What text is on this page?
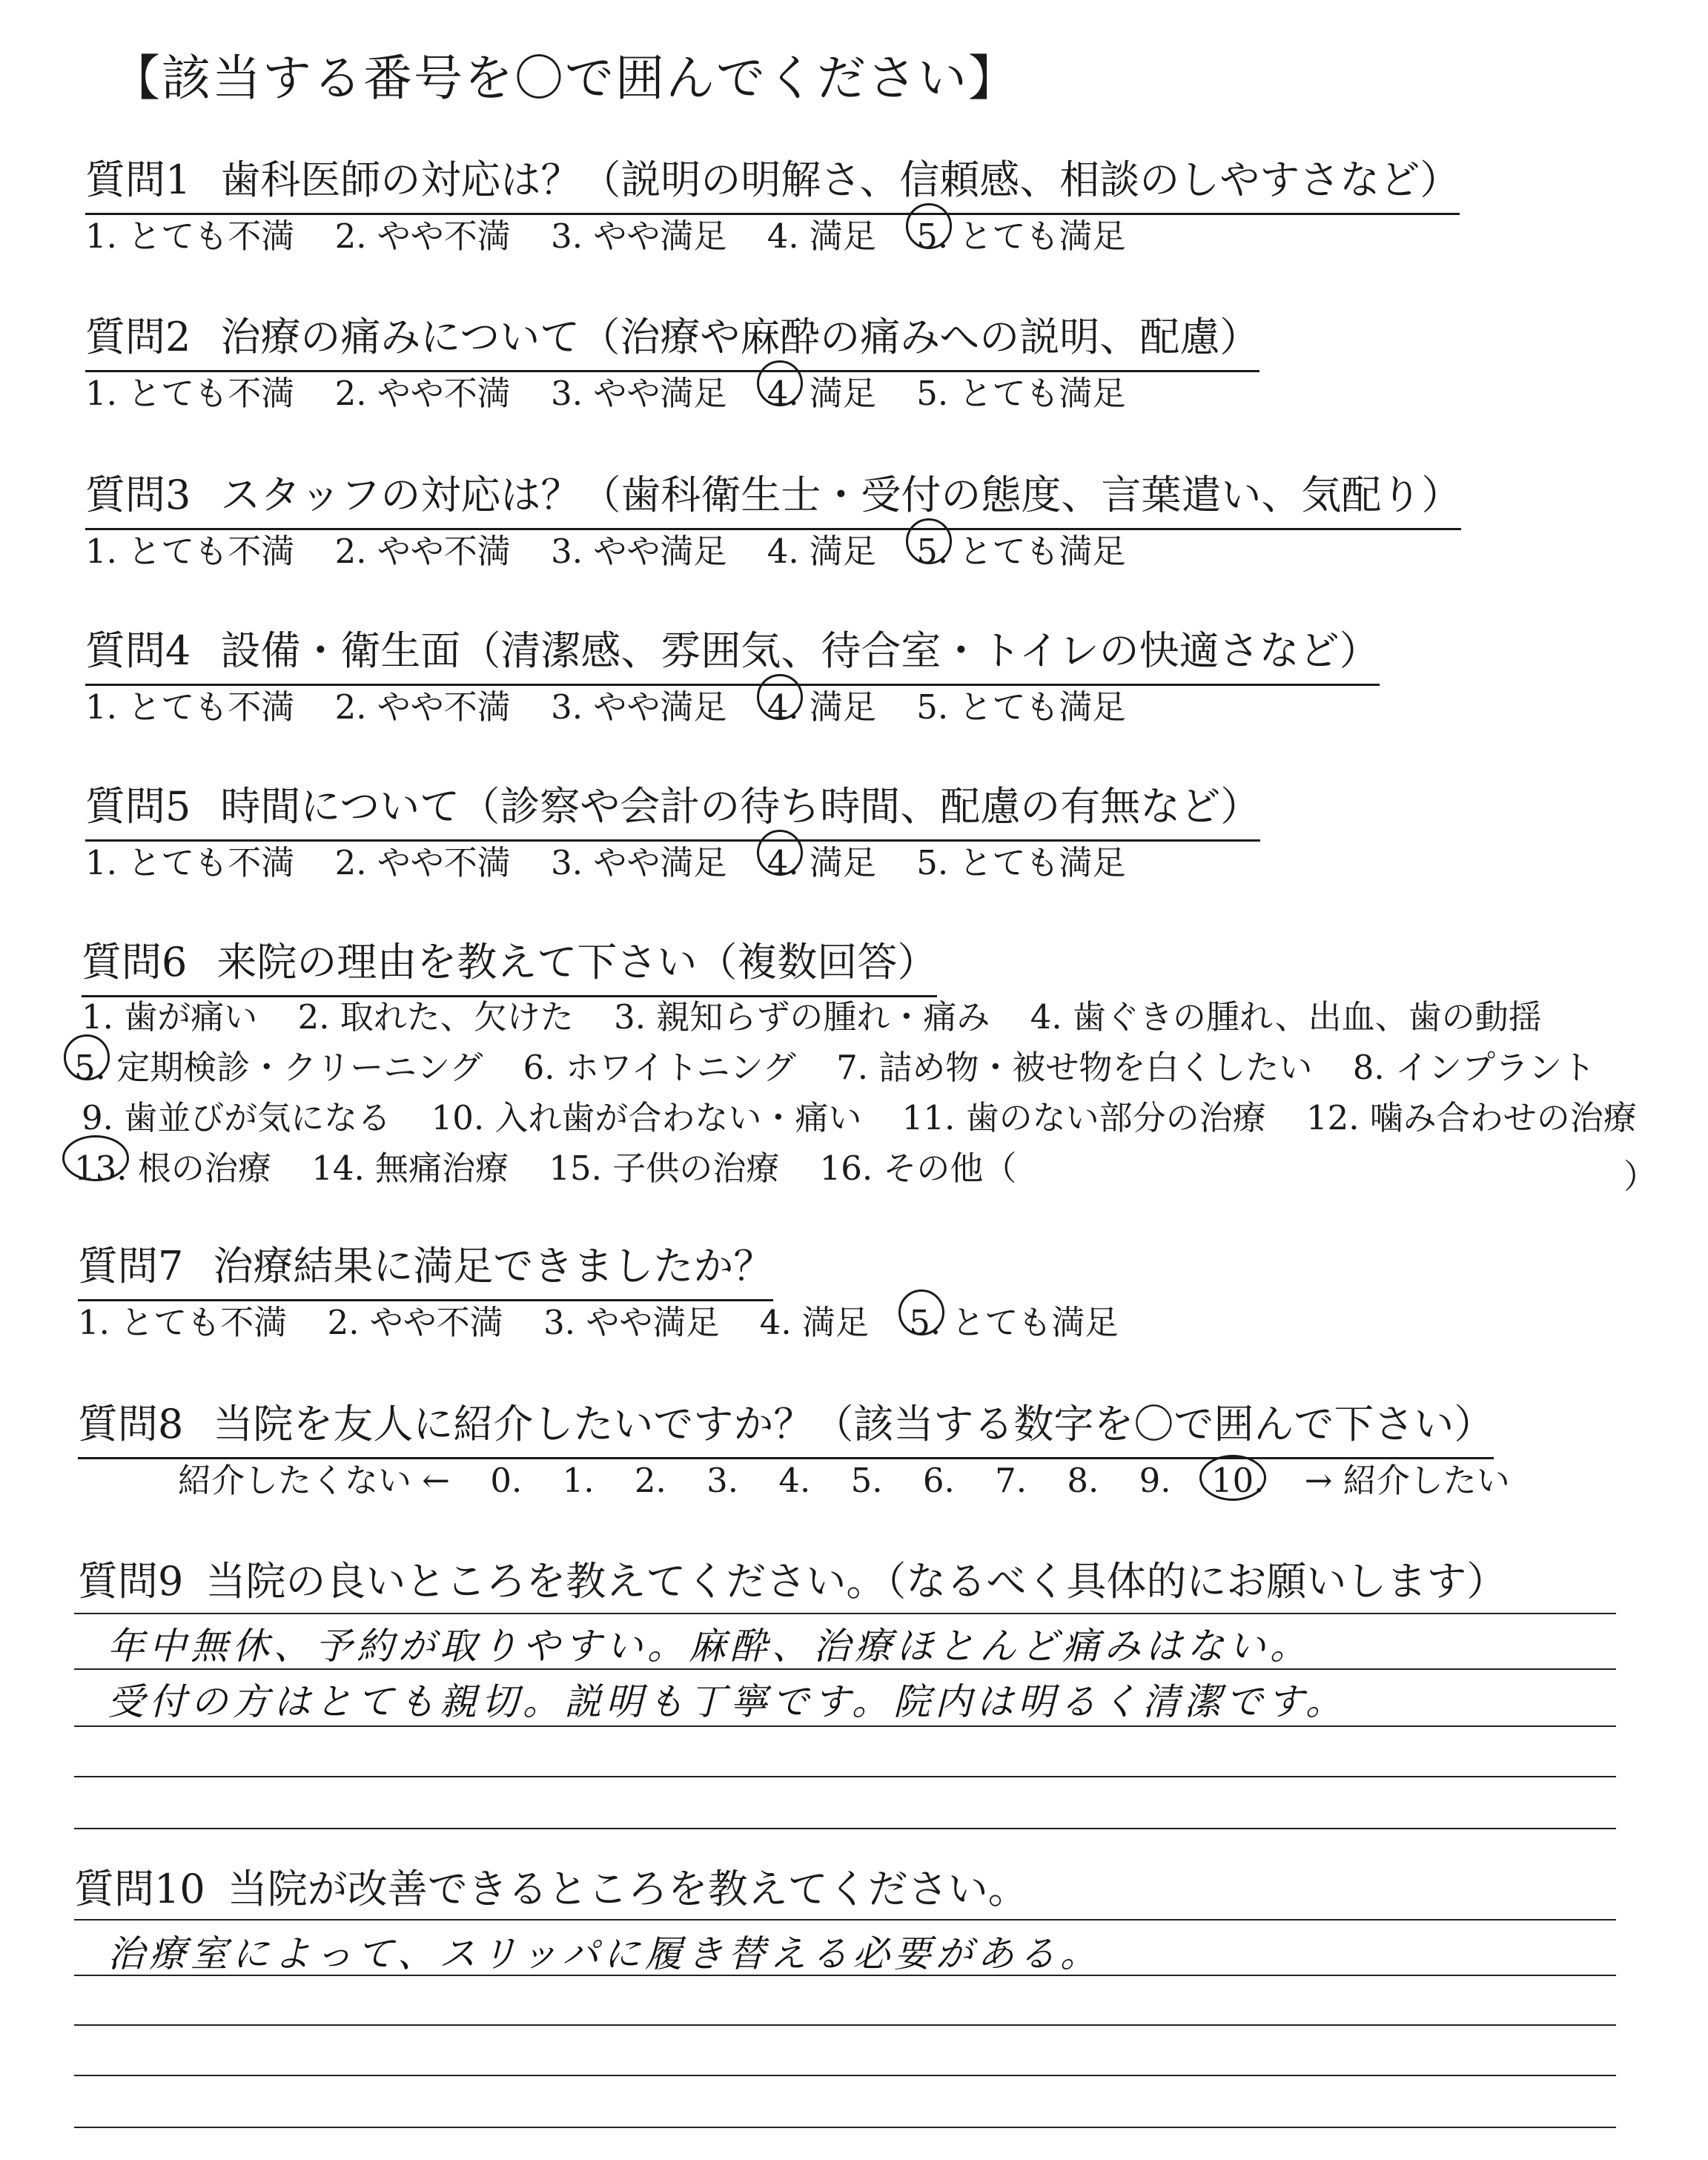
【該当する番号を〇で囲んでください】
質問1 歯科医師の対応は？（説明の明解さ、信頼感、相談のしやすさなど）
1. とても不満 2. やや不満 3. やや満足 4. 満足 5. とても満足
質問2 治療の痛みについて（治療や麻酔の痛みへの説明、配慮）
1. とても不満 2. やや不満 3. やや満足 4. 満足 5. とても満足
質問3 スタッフの対応は？（歯科衛生士・受付の態度、言葉遣い、気配り）
1. とても不満 2. やや不満 3. やや満足 4. 満足 5. とても満足
質問4 設備・衛生面（清潔感、雰囲気、待合室・トイレの快適さなど）
1. とても不満 2. やや不満 3. やや満足 4. 満足 5. とても満足
質問5 時間について（診察や会計の待ち時間、配慮の有無など）
1. とても不満 2. やや不満 3. やや満足 4. 満足 5. とても満足
質問6 来院の理由を教えて下さい（複数回答）
1. 歯が痛い 2. 取れた、欠けた 3. 親知らずの腫れ・痛み 4. 歯ぐきの腫れ、出血、歯の動揺
5. 定期検診・クリーニング 6. ホワイトニング 7. 詰め物・被せ物を白くしたい 8. インプラント
9. 歯並びが気になる 10. 入れ歯が合わない・痛い 11. 歯のない部分の治療 12. 噛み合わせの治療
13. 根の治療 14. 無痛治療 15. 子供の治療 16. その他（	）
質問7 治療結果に満足できましたか？
1. とても不満 2. やや不満 3. やや満足 4. 満足 5. とても満足
質問8 当院を友人に紹介したいですか？（該当する数字を〇で囲んで下さい）
紹介したくない ← 0. 1. 2. 3. 4. 5. 6. 7. 8. 9. 10. → 紹介したい
質問9 当院の良いところを教えてください。（なるべく具体的にお願いします）
年中無休、予約が取りやすい。麻酔、治療ほとんど痛みはない。
受付の方はとても親切。説明も丁寧です。院内は明るく清潔です。
質問10 当院が改善できるところを教えてください。
治療室によって、スリッパに履き替える必要がある。
